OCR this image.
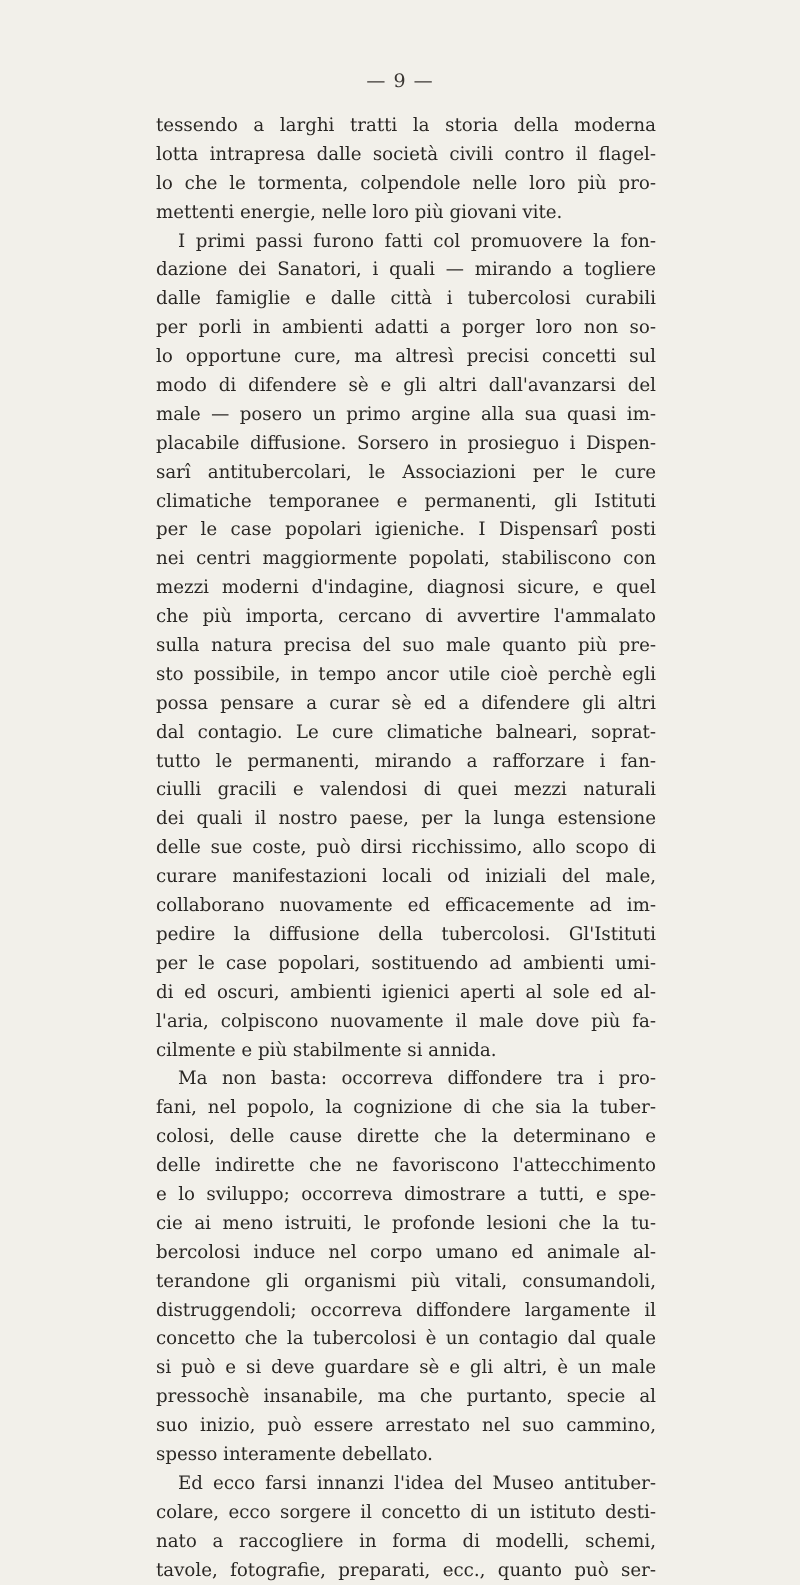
— 9 —
tessendo a larghi tratti la storia della moderna
lotta intrapresa dalle società civili contro il flagel-
lo che le tormenta, colpendole nelle loro più pro-
mettenti energie, nelle loro più giovani vite.
I primi passi furono fatti col promuovere la fon-
dazione dei Sanatori, i quali — mirando a togliere
dalle famiglie e dalle città i tubercolosi curabili
per porli in ambienti adatti a porger loro non so-
lo opportune cure, ma altresì precisi concetti sul
modo di difendere sè e gli altri dall'avanzarsi del
male — posero un primo argine alla sua quasi im-
placabile diffusione. Sorsero in prosieguo i Dispen-
sarî antitubercolari, le Associazioni per le cure
climatiche temporanee e permanenti, gli Istituti
per le case popolari igieniche. I Dispensarî posti
nei centri maggiormente popolati, stabiliscono con
mezzi moderni d'indagine, diagnosi sicure, e quel
che più importa, cercano di avvertire l'ammalato
sulla natura precisa del suo male quanto più pre-
sto possibile, in tempo ancor utile cioè perchè egli
possa pensare a curar sè ed a difendere gli altri
dal contagio. Le cure climatiche balneari, soprat-
tutto le permanenti, mirando a rafforzare i fan-
ciulli gracili e valendosi di quei mezzi naturali
dei quali il nostro paese, per la lunga estensione
delle sue coste, può dirsi ricchissimo, allo scopo di
curare manifestazioni locali od iniziali del male,
collaborano nuovamente ed efficacemente ad im-
pedire la diffusione della tubercolosi. Gl'Istituti
per le case popolari, sostituendo ad ambienti umi-
di ed oscuri, ambienti igienici aperti al sole ed al-
l'aria, colpiscono nuovamente il male dove più fa-
cilmente e più stabilmente si annida.
Ma non basta: occorreva diffondere tra i pro-
fani, nel popolo, la cognizione di che sia la tuber-
colosi, delle cause dirette che la determinano e
delle indirette che ne favoriscono l'attecchimento
e lo sviluppo; occorreva dimostrare a tutti, e spe-
cie ai meno istruiti, le profonde lesioni che la tu-
bercolosi induce nel corpo umano ed animale al-
terandone gli organismi più vitali, consumandoli,
distruggendoli; occorreva diffondere largamente il
concetto che la tubercolosi è un contagio dal quale
si può e si deve guardare sè e gli altri, è un male
pressochè insanabile, ma che purtanto, specie al
suo inizio, può essere arrestato nel suo cammino,
spesso interamente debellato.
Ed ecco farsi innanzi l'idea del Museo antituber-
colare, ecco sorgere il concetto di un istituto desti-
nato a raccogliere in forma di modelli, schemi,
tavole, fotografie, preparati, ecc., quanto può ser-
